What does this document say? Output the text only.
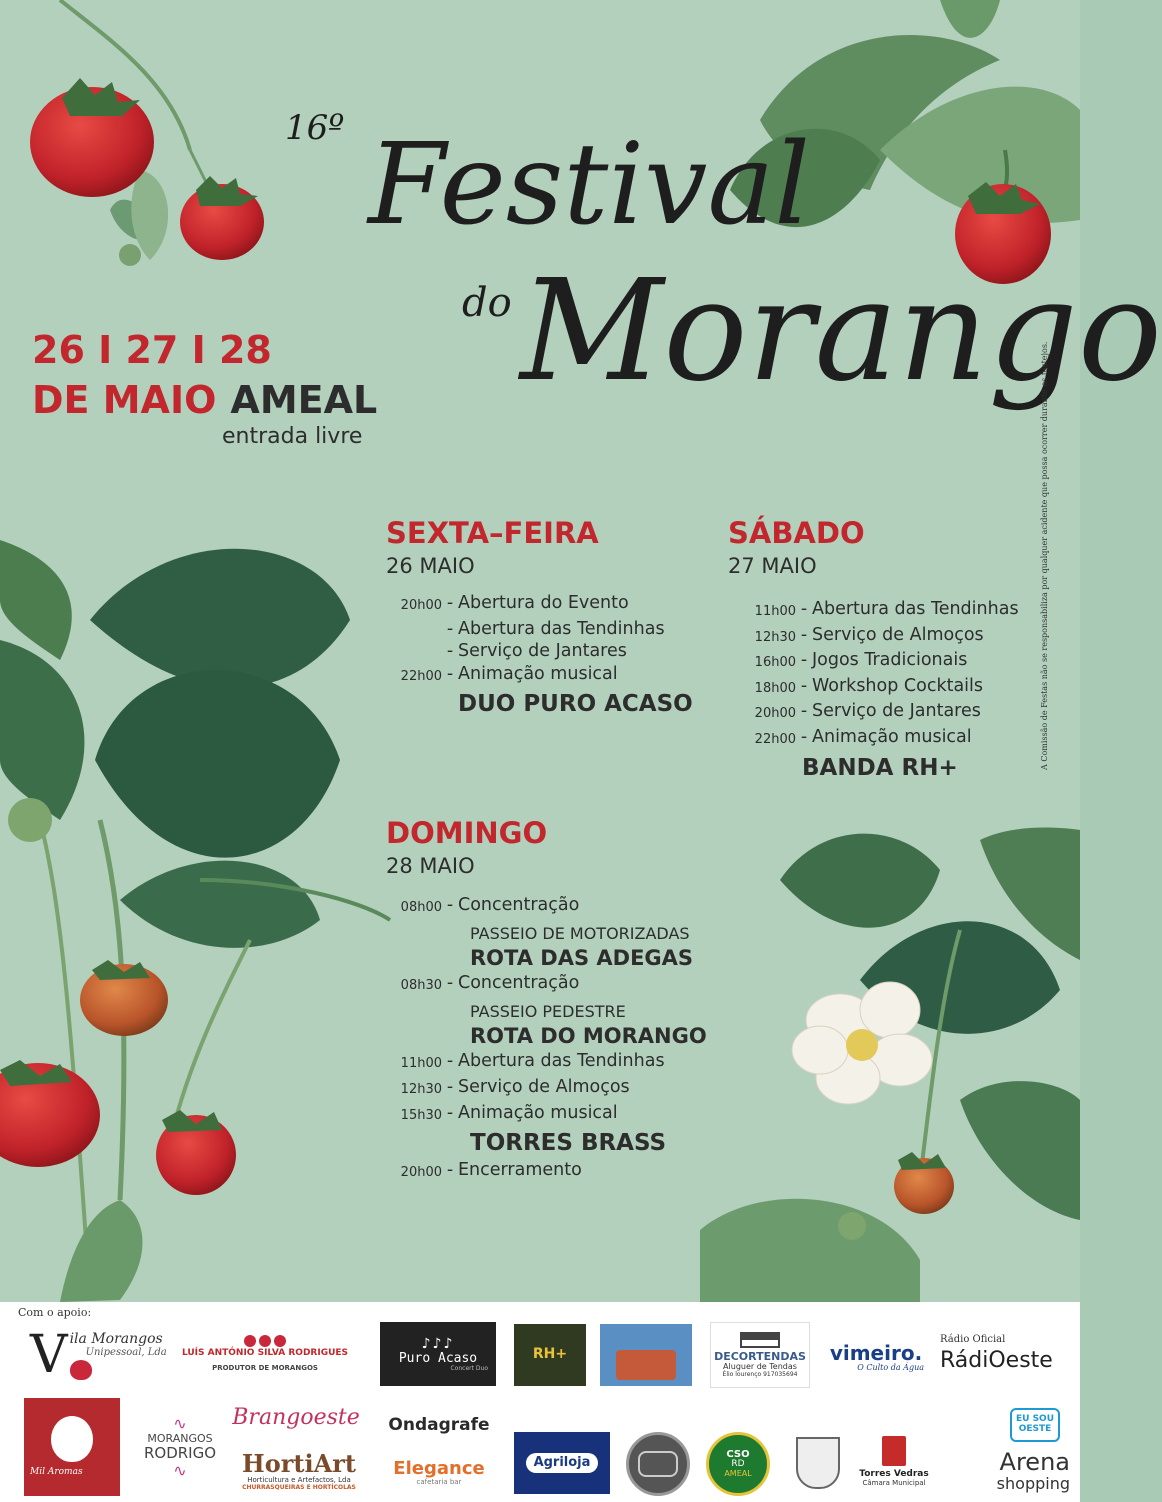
16º Festival
do Morango
26 I 27 I 28
DE MAIO AMEAL
entrada livre
SEXTA–FEIRA
26 MAIO
20h00 - Abertura do Evento
- Abertura das Tendinhas
- Serviço de Jantares
22h00 - Animação musical
DUO PURO ACASO
SÁBADO
27 MAIO
11h00 - Abertura das Tendinhas
12h30 - Serviço de Almoços
16h00 - Jogos Tradicionais
18h00 - Workshop Cocktails
20h00 - Serviço de Jantares
22h00 - Animação musical
BANDA RH+
DOMINGO
28 MAIO
08h00 - Concentração
PASSEIO DE MOTORIZADAS
ROTA DAS ADEGAS
08h30 - Concentração
PASSEIO PEDESTRE
ROTA DO MORANGO
11h00 - Abertura das Tendinhas
12h30 - Serviço de Almoços
15h30 - Animação musical
TORRES BRASS
20h00 - Encerramento
A Comissão de Festas não se responsabiliza por qualquer acidente que possa ocorrer durante os festejos.
Com o apoio:
V ila Morangos
Unipessoal, Lda LUÍS ANTÓNIO SILVA RODRIGUES
PRODUTOR DE MORANGOS
♪♪♪
Puro Acaso
Concert Duo
RH+	DECORTENDAS
Aluguer de Tendas
Élio lourenço 917035694
vimeiro.
O Culto da Água
Rádio Oficial
RádiOeste
Mil Aromas
∿
MORANGOS
RODRIGO
∿
Brangoeste
HortiArt
Horticultura e Artefactos, Lda
CHURRASQUEIRAS E HORTÍCOLAS
Ondagrafe
Elegance
cafetaria bar
Agriloja
CSO
RD
AMEAL	Torres Vedras
Câmara Municipal
EU SOU
OESTE
Arena
shopping
